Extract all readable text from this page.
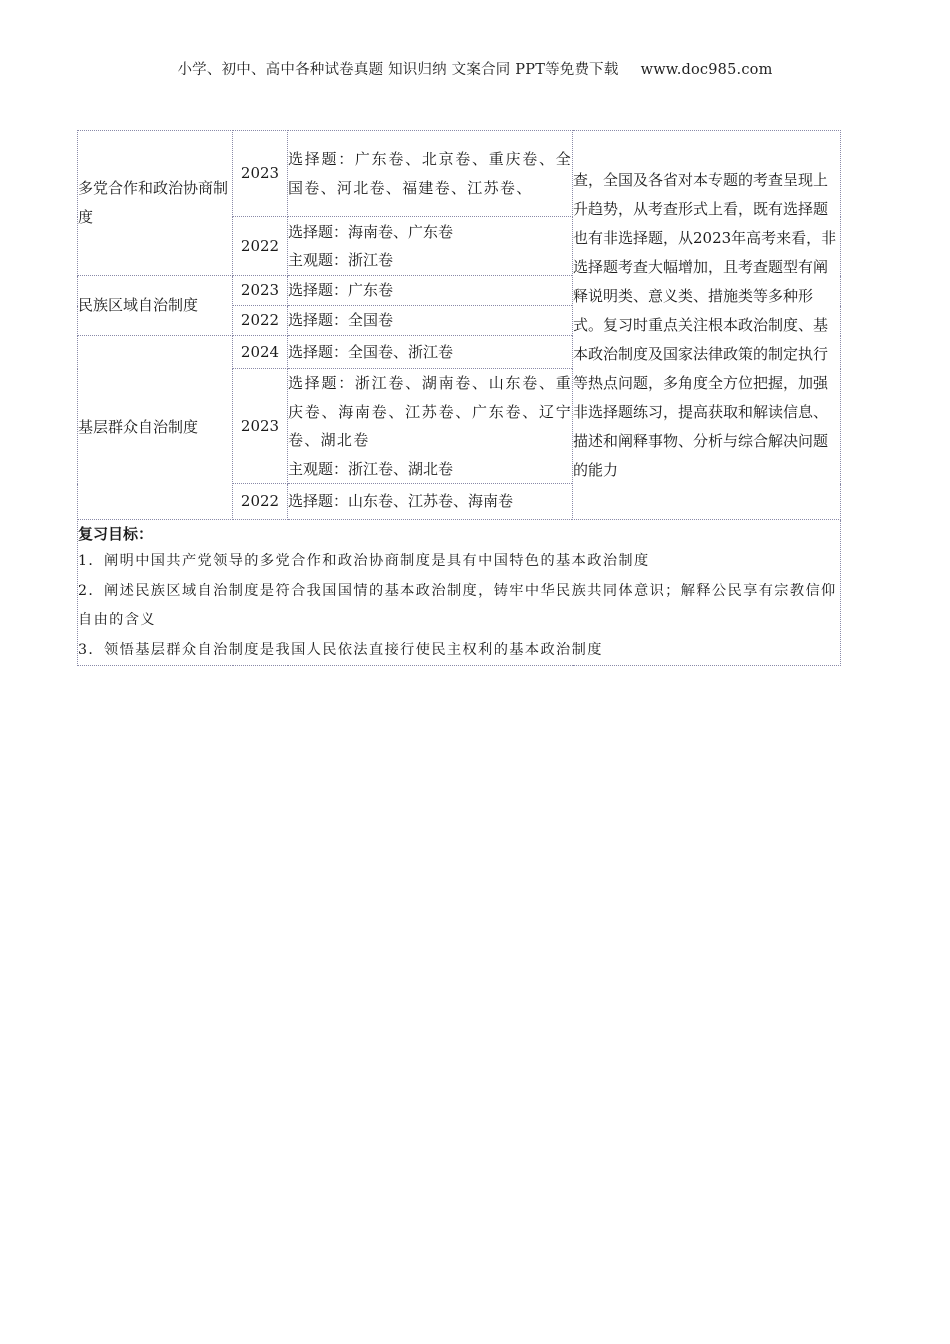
小学、初中、高中各种试卷真题 知识归纳 文案合同 PPT等免费下载 www.doc985.com
多党合作和政治协商制度	2023	选择题：广东卷、北京卷、重庆卷、全国卷、河北卷、福建卷、江苏卷、	查，全国及各省对本专题的考查呈现上升趋势，从考查形式上看，既有选择题也有非选择题，从2023年高考来看，非选择题考查大幅增加，且考查题型有阐释说明类、意义类、措施类等多种形式。复习时重点关注根本政治制度、基本政治制度及国家法律政策的制定执行等热点问题，多角度全方位把握，加强非选择题练习，提高获取和解读信息、描述和阐释事物、分析与综合解决问题的能力
	2022	选择题：海南卷、广东卷
主观题：浙江卷	

民族区域自治制度	2023	选择题：广东卷	

	2022	选择题：全国卷	

基层群众自治制度	2024	选择题：全国卷、浙江卷	

	2023	选择题：浙江卷、湖南卷、山东卷、重庆卷、海南卷、江苏卷、广东卷、辽宁卷、湖北卷
主观题：浙江卷、湖北卷	

	2022	选择题：山东卷、江苏卷、海南卷	

复习目标：
1．阐明中国共产党领导的多党合作和政治协商制度是具有中国特色的基本政治制度
2．阐述民族区域自治制度是符合我国国情的基本政治制度，铸牢中华民族共同体意识；解释公民享有宗教信仰自由的含义
3．领悟基层群众自治制度是我国人民依法直接行使民主权利的基本政治制度			
